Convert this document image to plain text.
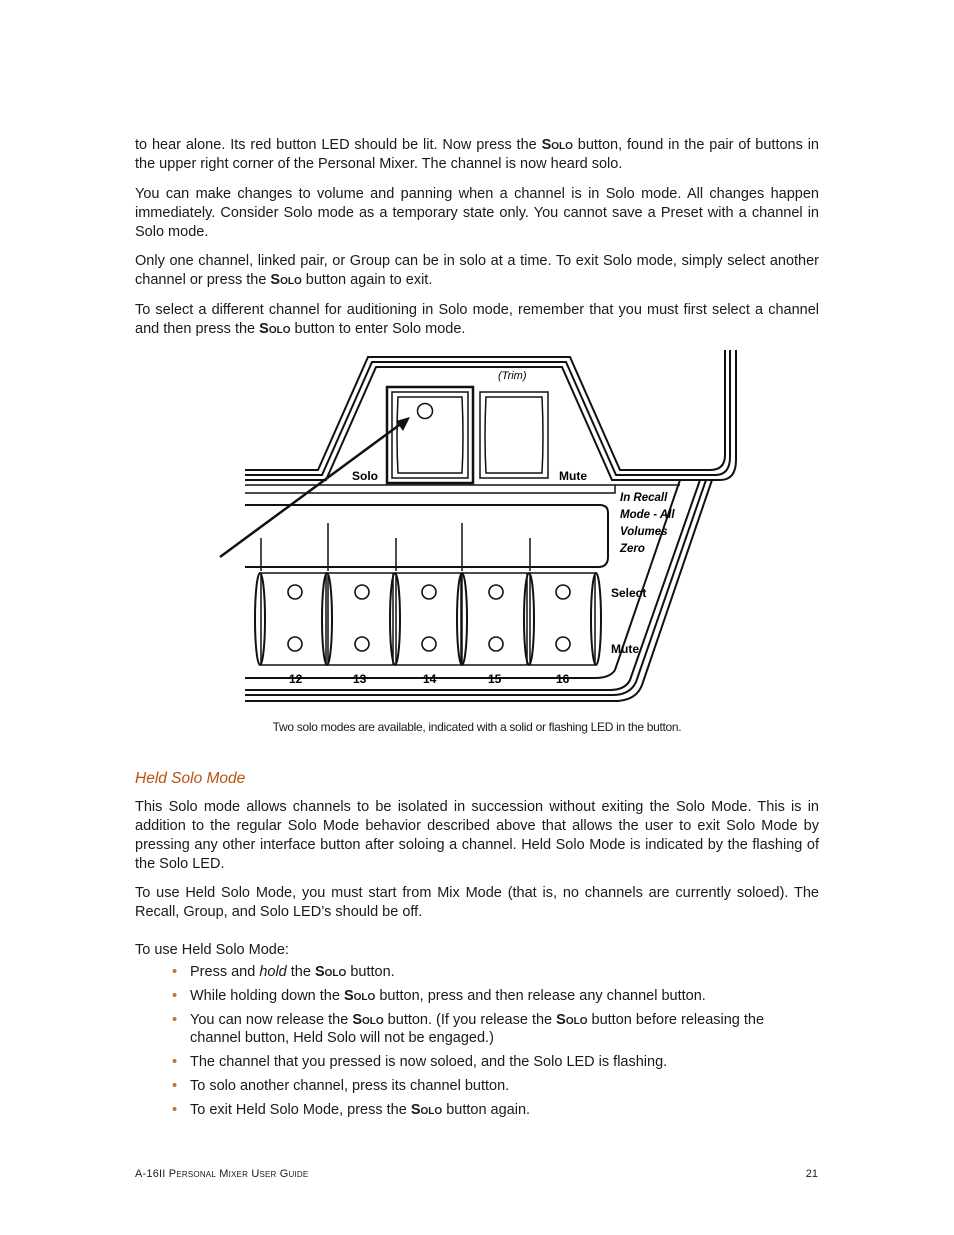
to hear alone. Its red button LED should be lit. Now press the Solo button, found in the pair of buttons in the upper right corner of the Personal Mixer. The channel is now heard solo.

You can make changes to volume and panning when a channel is in Solo mode. All changes happen immediately. Consider Solo mode as a temporary state only. You cannot save a Preset with a channel in Solo mode.

Only one channel, linked pair, or Group can be in solo at a time. To exit Solo mode, simply select another channel or press the Solo button again to exit.

To select a different channel for auditioning in Solo mode, remember that you must first select a channel and then press the Solo button to enter Solo mode.

(Trim)
Solo	Mute
In Recall
Mode - All
Volumes
Zero
Select
Mute
12	13	14	15	16
Two solo modes are available, indicated with a solid or flashing LED in the button.
Held Solo Mode

This Solo mode allows channels to be isolated in succession without exiting the Solo Mode. This is in addition to the regular Solo Mode behavior described above that allows the user to exit Solo Mode by pressing any other interface button after soloing a channel. Held Solo Mode is indicated by the flashing of the Solo LED.

To use Held Solo Mode, you must start from Mix Mode (that is, no channels are currently soloed). The Recall, Group, and Solo LED’s should be off.

To use Held Solo Mode:
• Press and hold the Solo button.
• While holding down the Solo button, press and then release any channel button.
• You can now release the Solo button. (If you release the Solo button before releasing the channel button, Held Solo will not be engaged.)
• The channel that you pressed is now soloed, and the Solo LED is flashing.
• To solo another channel, press its channel button.
• To exit Held Solo Mode, press the Solo button again.
A-16II Personal Mixer User Guide	21
